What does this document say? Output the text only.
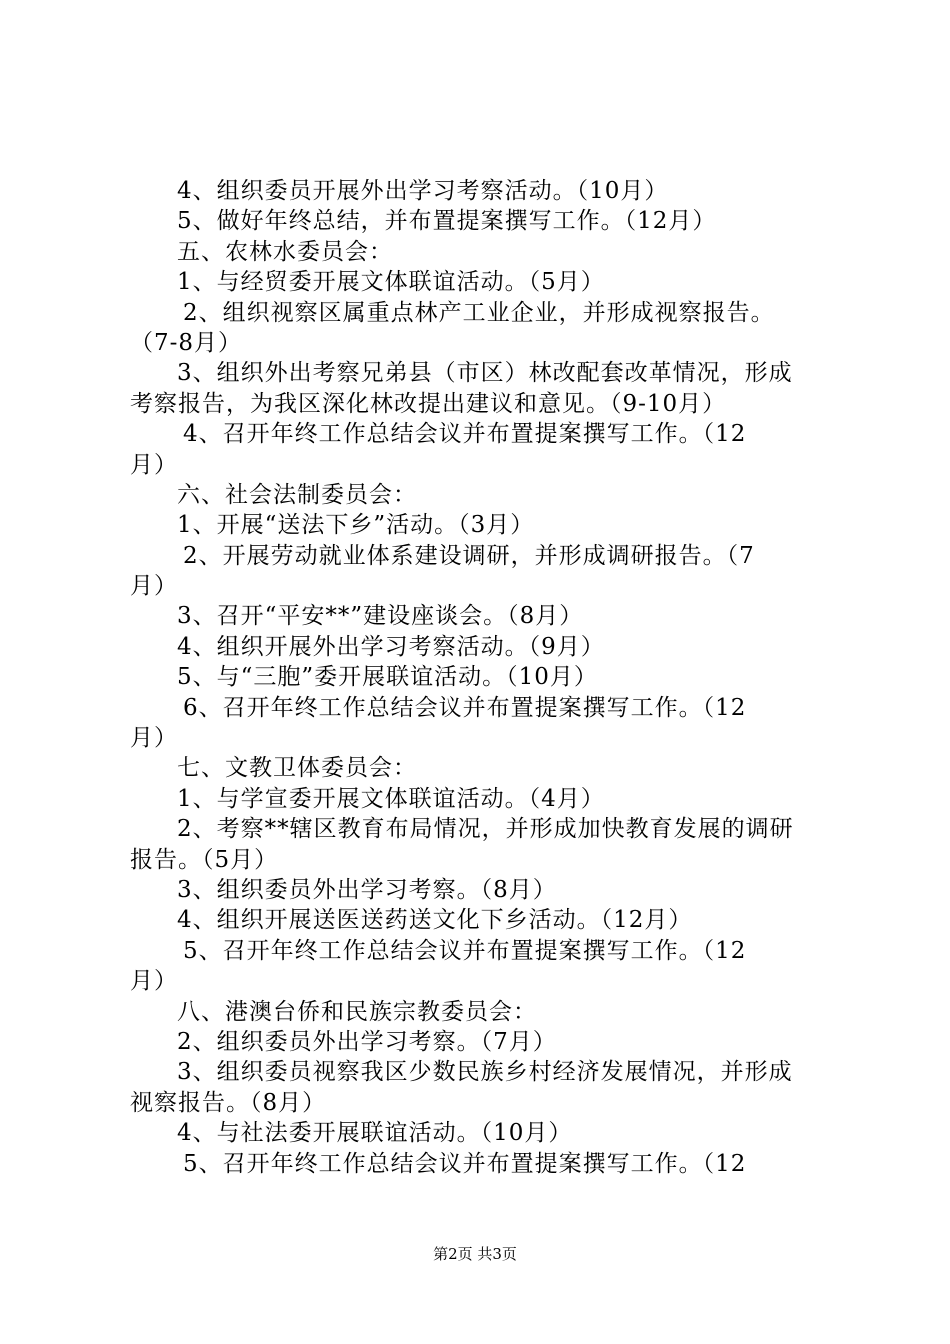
4、组织委员开展外出学习考察活动。（10月）
5、做好年终总结，并布置提案撰写工作。（12月）
五、农林水委员会：
1、与经贸委开展文体联谊活动。（5月）
2、组织视察区属重点林产工业企业，并形成视察报告。
（7-8月）
3、组织外出考察兄弟县（市区）林改配套改革情况，形成
考察报告，为我区深化林改提出建议和意见。（9-10月）
4、召开年终工作总结会议并布置提案撰写工作。（12
月）
六、社会法制委员会：
1、开展“送法下乡”活动。（3月）
2、开展劳动就业体系建设调研，并形成调研报告。（7
月）
3、召开“平安**”建设座谈会。（8月）
4、组织开展外出学习考察活动。（9月）
5、与“三胞”委开展联谊活动。（10月）
6、召开年终工作总结会议并布置提案撰写工作。（12
月）
七、文教卫体委员会：
1、与学宣委开展文体联谊活动。（4月）
2、考察**辖区教育布局情况，并形成加快教育发展的调研
报告。（5月）
3、组织委员外出学习考察。（8月）
4、组织开展送医送药送文化下乡活动。（12月）
5、召开年终工作总结会议并布置提案撰写工作。（12
月）
八、港澳台侨和民族宗教委员会：
2、组织委员外出学习考察。（7月）
3、组织委员视察我区少数民族乡村经济发展情况，并形成
视察报告。（8月）
4、与社法委开展联谊活动。（10月）
5、召开年终工作总结会议并布置提案撰写工作。（12
第2页 共3页
